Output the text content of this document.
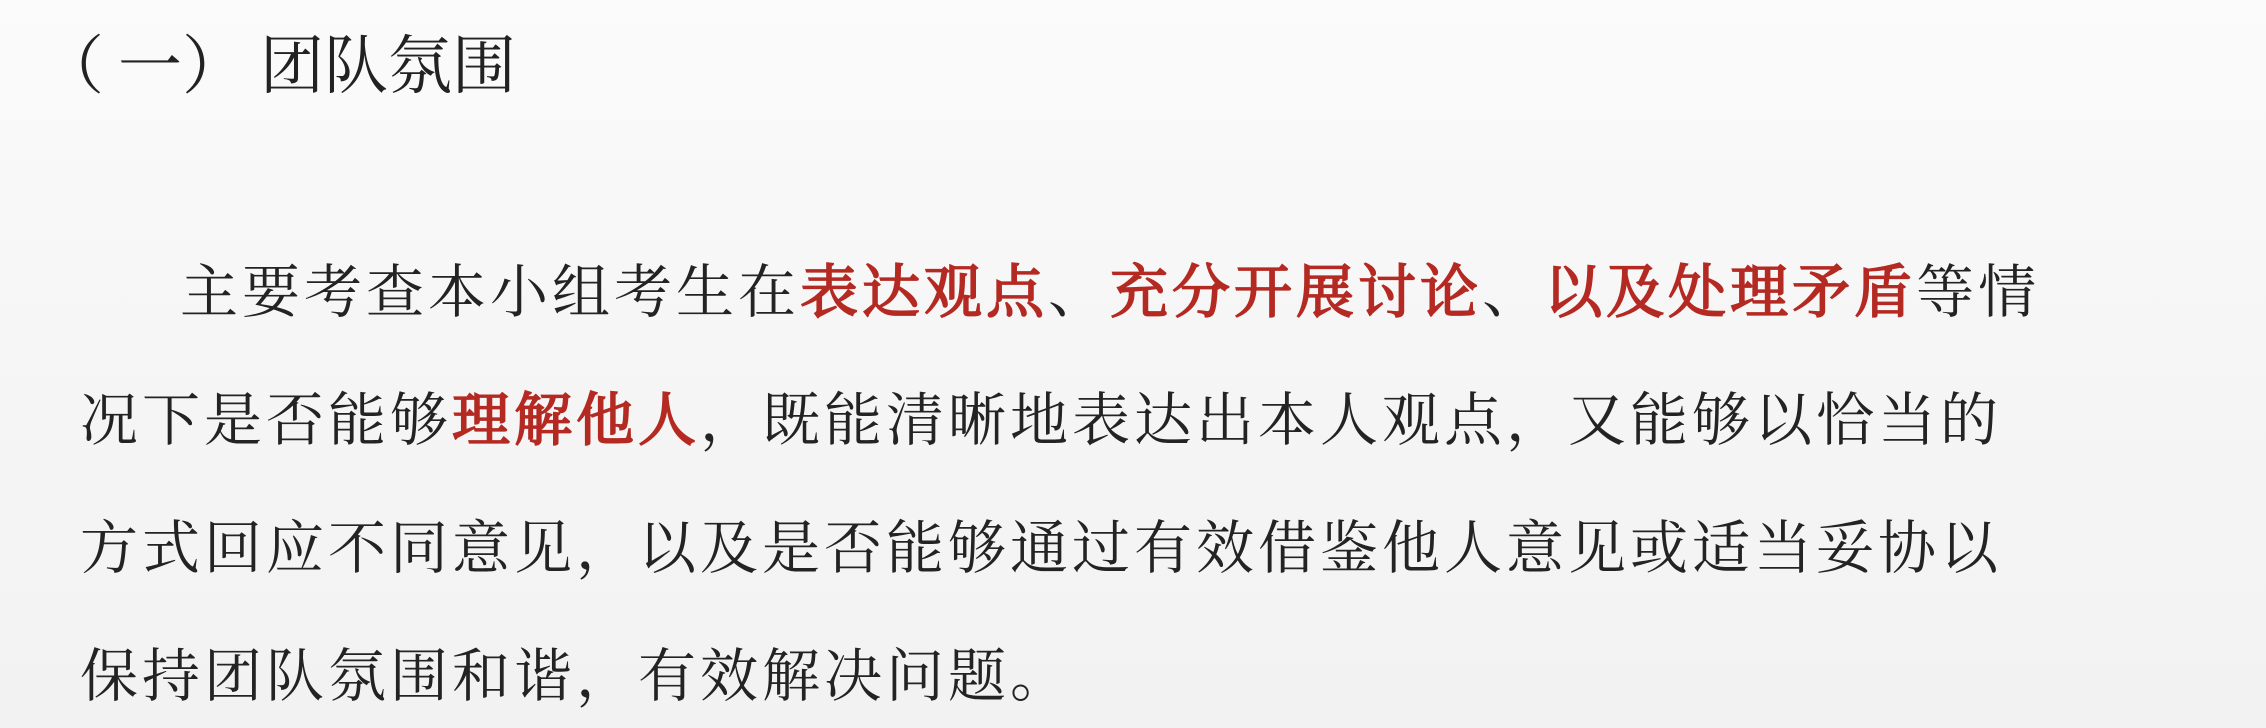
（一）团队氛围

主要考查本小组考生在表达观点、充分开展讨论、以及处理矛盾等情
况下是否能够理解他人，既能清晰地表达出本人观点，又能够以恰当的
方式回应不同意见，以及是否能够通过有效借鉴他人意见或适当妥协以
保持团队氛围和谐，有效解决问题。
